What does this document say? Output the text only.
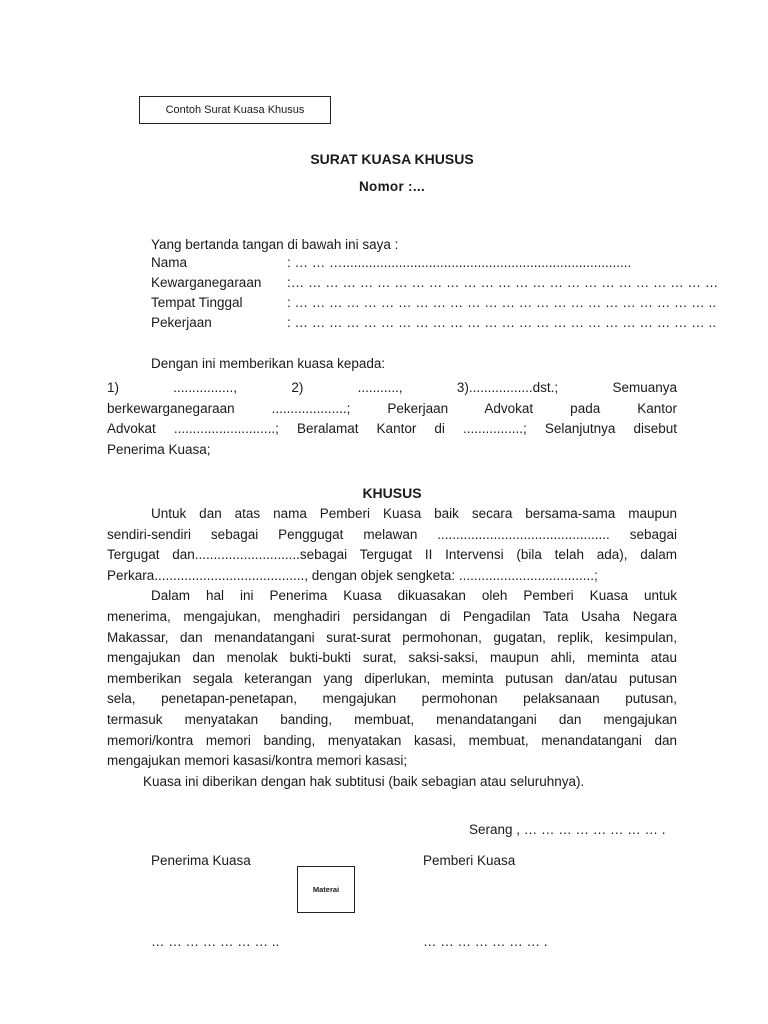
Contoh Surat Kuasa Khusus
SURAT KUASA KHUSUS
Nomor :...
Yang bertanda tangan di bawah ini saya :
Nama	: … … ….............................................................................
Kewarganegaraan :… … … … … … … … … … … … … … … … … … … … … … … … …
Tempat Tinggal	: … … … … … … … … … … … … … … … … … … … … … … … … ..
Pekerjaan	: … … … … … … … … … … … … … … … … … … … … … … … … ..
Dengan ini memberikan kuasa kepada:
1) ................, 2) ..........., 3).................dst.; Semuanya
berkewarganegaraan ....................; Pekerjaan Advokat pada Kantor
Advokat ...........................; Beralamat Kantor di ................; Selanjutnya disebut
Penerima Kuasa;
KHUSUS
Untuk dan atas nama Pemberi Kuasa baik secara bersama-sama maupun
sendiri-sendiri sebagai Penggugat melawan .............................................. sebagai
Tergugat dan............................sebagai Tergugat II Intervensi (bila telah ada), dalam
Perkara........................................, dengan objek sengketa: ....................................;
Dalam hal ini Penerima Kuasa dikuasakan oleh Pemberi Kuasa untuk
menerima, mengajukan, menghadiri persidangan di Pengadilan Tata Usaha Negara
Makassar, dan menandatangani surat-surat permohonan, gugatan, replik, kesimpulan,
mengajukan dan menolak bukti-bukti surat, saksi-saksi, maupun ahli, meminta atau
memberikan segala keterangan yang diperlukan, meminta putusan dan/atau putusan
sela, penetapan-penetapan, mengajukan permohonan pelaksanaan putusan,
termasuk menyatakan banding, membuat, menandatangani dan mengajukan
memori/kontra memori banding, menyatakan kasasi, membuat, menandatangani dan
mengajukan memori kasasi/kontra memori kasasi;
Kuasa ini diberikan dengan hak subtitusi (baik sebagian atau seluruhnya).
Serang , … … … … … … … … .
Penerima Kuasa	Pemberi Kuasa
Materai
… … … … … … … ..	… … … … … … … .
